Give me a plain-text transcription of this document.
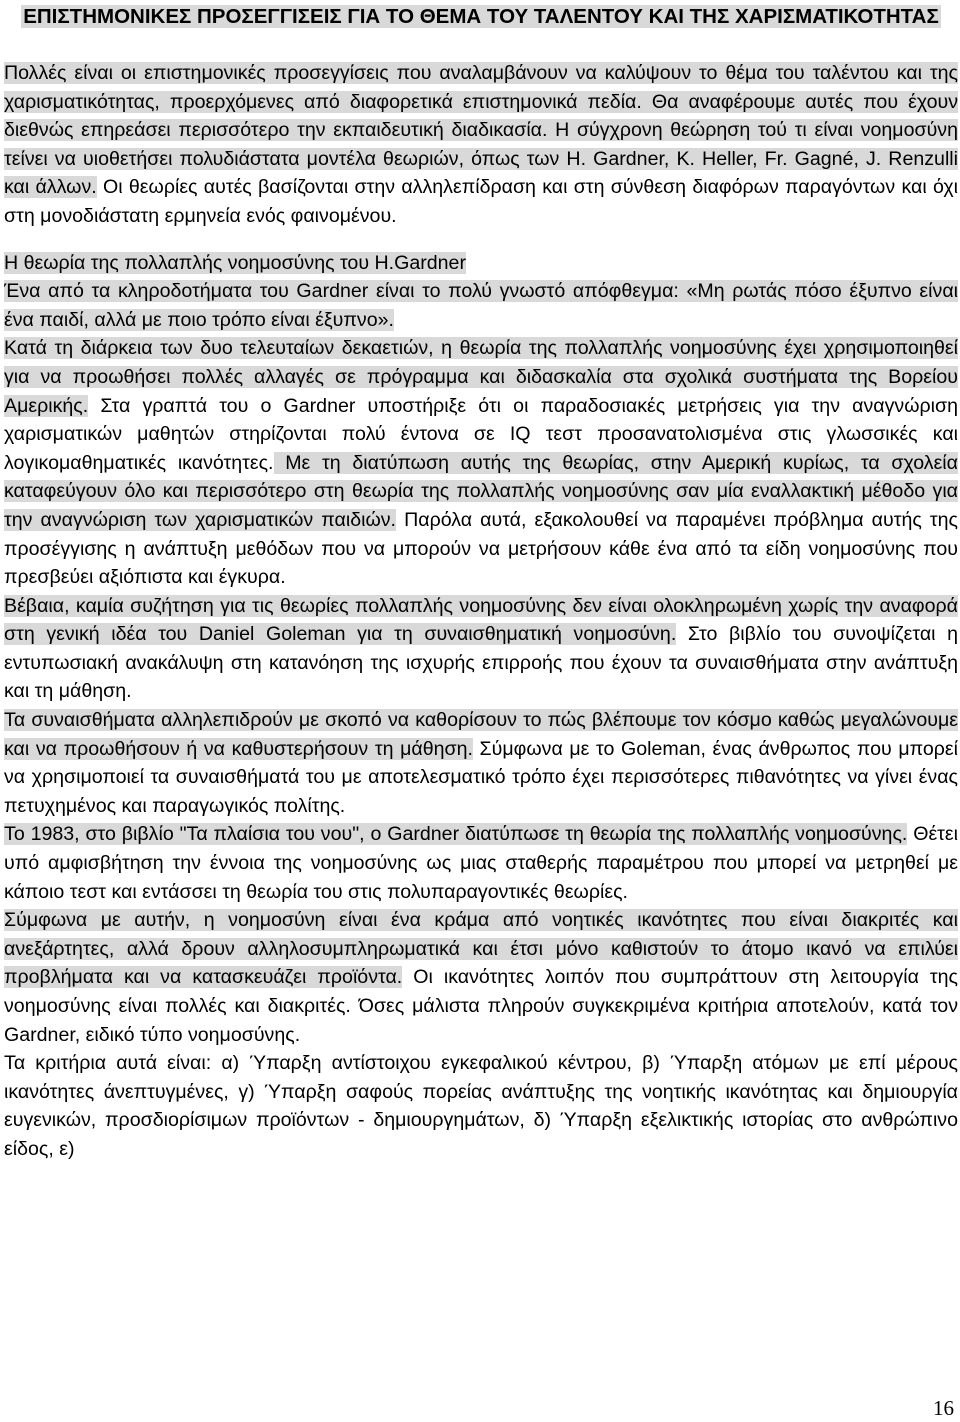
ΕΠΙΣΤΗΜΟΝΙΚΕΣ ΠΡΟΣΕΓΓΙΣΕΙΣ ΓΙΑ ΤΟ ΘΕΜΑ ΤΟΥ ΤΑΛΕΝΤΟΥ ΚΑΙ ΤΗΣ ΧΑΡΙΣΜΑΤΙΚΟΤΗΤΑΣ

Πολλές είναι οι επιστημονικές προσεγγίσεις που αναλαμβάνουν να καλύψουν το θέμα του ταλέντου και της χαρισματικότητας, προερχόμενες από διαφορετικά επιστημονικά πεδία. Θα αναφέρουμε αυτές που έχουν διεθνώς επηρεάσει περισσότερο την εκπαιδευτική διαδικασία. Η σύγχρονη θεώρηση τού τι είναι νοημοσύνη τείνει να υιοθετήσει πολυδιάστατα μοντέλα θεωριών, όπως των H. Gardner, K. Heller, Fr. Gagné, J. Renzulli και άλλων. Οι θεωρίες αυτές βασίζονται στην αλληλεπίδραση και στη σύνθεση διαφόρων παραγόντων και όχι στη μονοδιάστατη ερμηνεία ενός φαινομένου.

Η θεωρία της πολλαπλής νοημοσύνης του H.Gardner

Ένα από τα κληροδοτήματα του Gardner είναι το πολύ γνωστό απόφθεγμα: «Μη ρωτάς πόσο έξυπνο είναι ένα παιδί, αλλά με ποιο τρόπο είναι έξυπνο».

Κατά τη διάρκεια των δυο τελευταίων δεκαετιών, η θεωρία της πολλαπλής νοημοσύνης έχει χρησιμοποιηθεί για να προωθήσει πολλές αλλαγές σε πρόγραμμα και διδασκαλία στα σχολικά συστήματα της Βορείου Αμερικής. Στα γραπτά του ο Gardner υποστήριξε ότι οι παραδοσιακές μετρήσεις για την αναγνώριση χαρισματικών μαθητών στηρίζονται πολύ έντονα σε IQ τεστ προσανατολισμένα στις γλωσσικές και λογικομαθηματικές ικανότητες. Με τη διατύπωση αυτής της θεωρίας, στην Αμερική κυρίως, τα σχολεία καταφεύγουν όλο και περισσότερο στη θεωρία της πολλαπλής νοημοσύνης σαν μία εναλλακτική μέθοδο για την αναγνώριση των χαρισματικών παιδιών. Παρόλα αυτά, εξακολουθεί να παραμένει πρόβλημα αυτής της προσέγγισης η ανάπτυξη μεθόδων που να μπορούν να μετρήσουν κάθε ένα από τα είδη νοημοσύνης που πρεσβεύει αξιόπιστα και έγκυρα.

Βέβαια, καμία συζήτηση για τις θεωρίες πολλαπλής νοημοσύνης δεν είναι ολοκληρωμένη χωρίς την αναφορά στη γενική ιδέα του Daniel Goleman για τη συναισθηματική νοημοσύνη. Στο βιβλίο του συνοψίζεται η εντυπωσιακή ανακάλυψη στη κατανόηση της ισχυρής επιρροής που έχουν τα συναισθήματα στην ανάπτυξη και τη μάθηση.

Τα συναισθήματα αλληλεπιδρούν με σκοπό να καθορίσουν το πώς βλέπουμε τον κόσμο καθώς μεγαλώνουμε και να προωθήσουν ή να καθυστερήσουν τη μάθηση. Σύμφωνα με το Goleman, ένας άνθρωπος που μπορεί να χρησιμοποιεί τα συναισθήματά του με αποτελεσματικό τρόπο έχει περισσότερες πιθανότητες να γίνει ένας πετυχημένος και παραγωγικός πολίτης.

Το 1983, στο βιβλίο "Τα πλαίσια του νου", ο Gardner διατύπωσε τη θεωρία της πολλαπλής νοημοσύνης. Θέτει υπό αμφισβήτηση την έννοια της νοημοσύνης ως μιας σταθερής παραμέτρου που μπορεί να μετρηθεί με κάποιο τεστ και εντάσσει τη θεωρία του στις πολυπαραγοντικές θεωρίες.

Σύμφωνα με αυτήν, η νοημοσύνη είναι ένα κράμα από νοητικές ικανότητες που είναι διακριτές και ανεξάρτητες, αλλά δρουν αλληλοσυμπληρωματικά και έτσι μόνο καθιστούν το άτομο ικανό να επιλύει προβλήματα και να κατασκευάζει προϊόντα. Οι ικανότητες λοιπόν που συμπράττουν στη λειτουργία της νοημοσύνης είναι πολλές και διακριτές. Όσες μάλιστα πληρούν συγκεκριμένα κριτήρια αποτελούν, κατά τον Gardner, ειδικό τύπο νοημοσύνης.

Τα κριτήρια αυτά είναι: α) Ύπαρξη αντίστοιχου εγκεφαλικού κέντρου, β) Ύπαρξη ατόμων με επί μέρους ικανότητες άνεπτυγμένες, γ) Ύπαρξη σαφούς πορείας ανάπτυξης της νοητικής ικανότητας και δημιουργία ευγενικών, προσδιορίσιμων προϊόντων - δημιουργημάτων, δ) Ύπαρξη εξελικτικής ιστορίας στο ανθρώπινο είδος, ε)

16
